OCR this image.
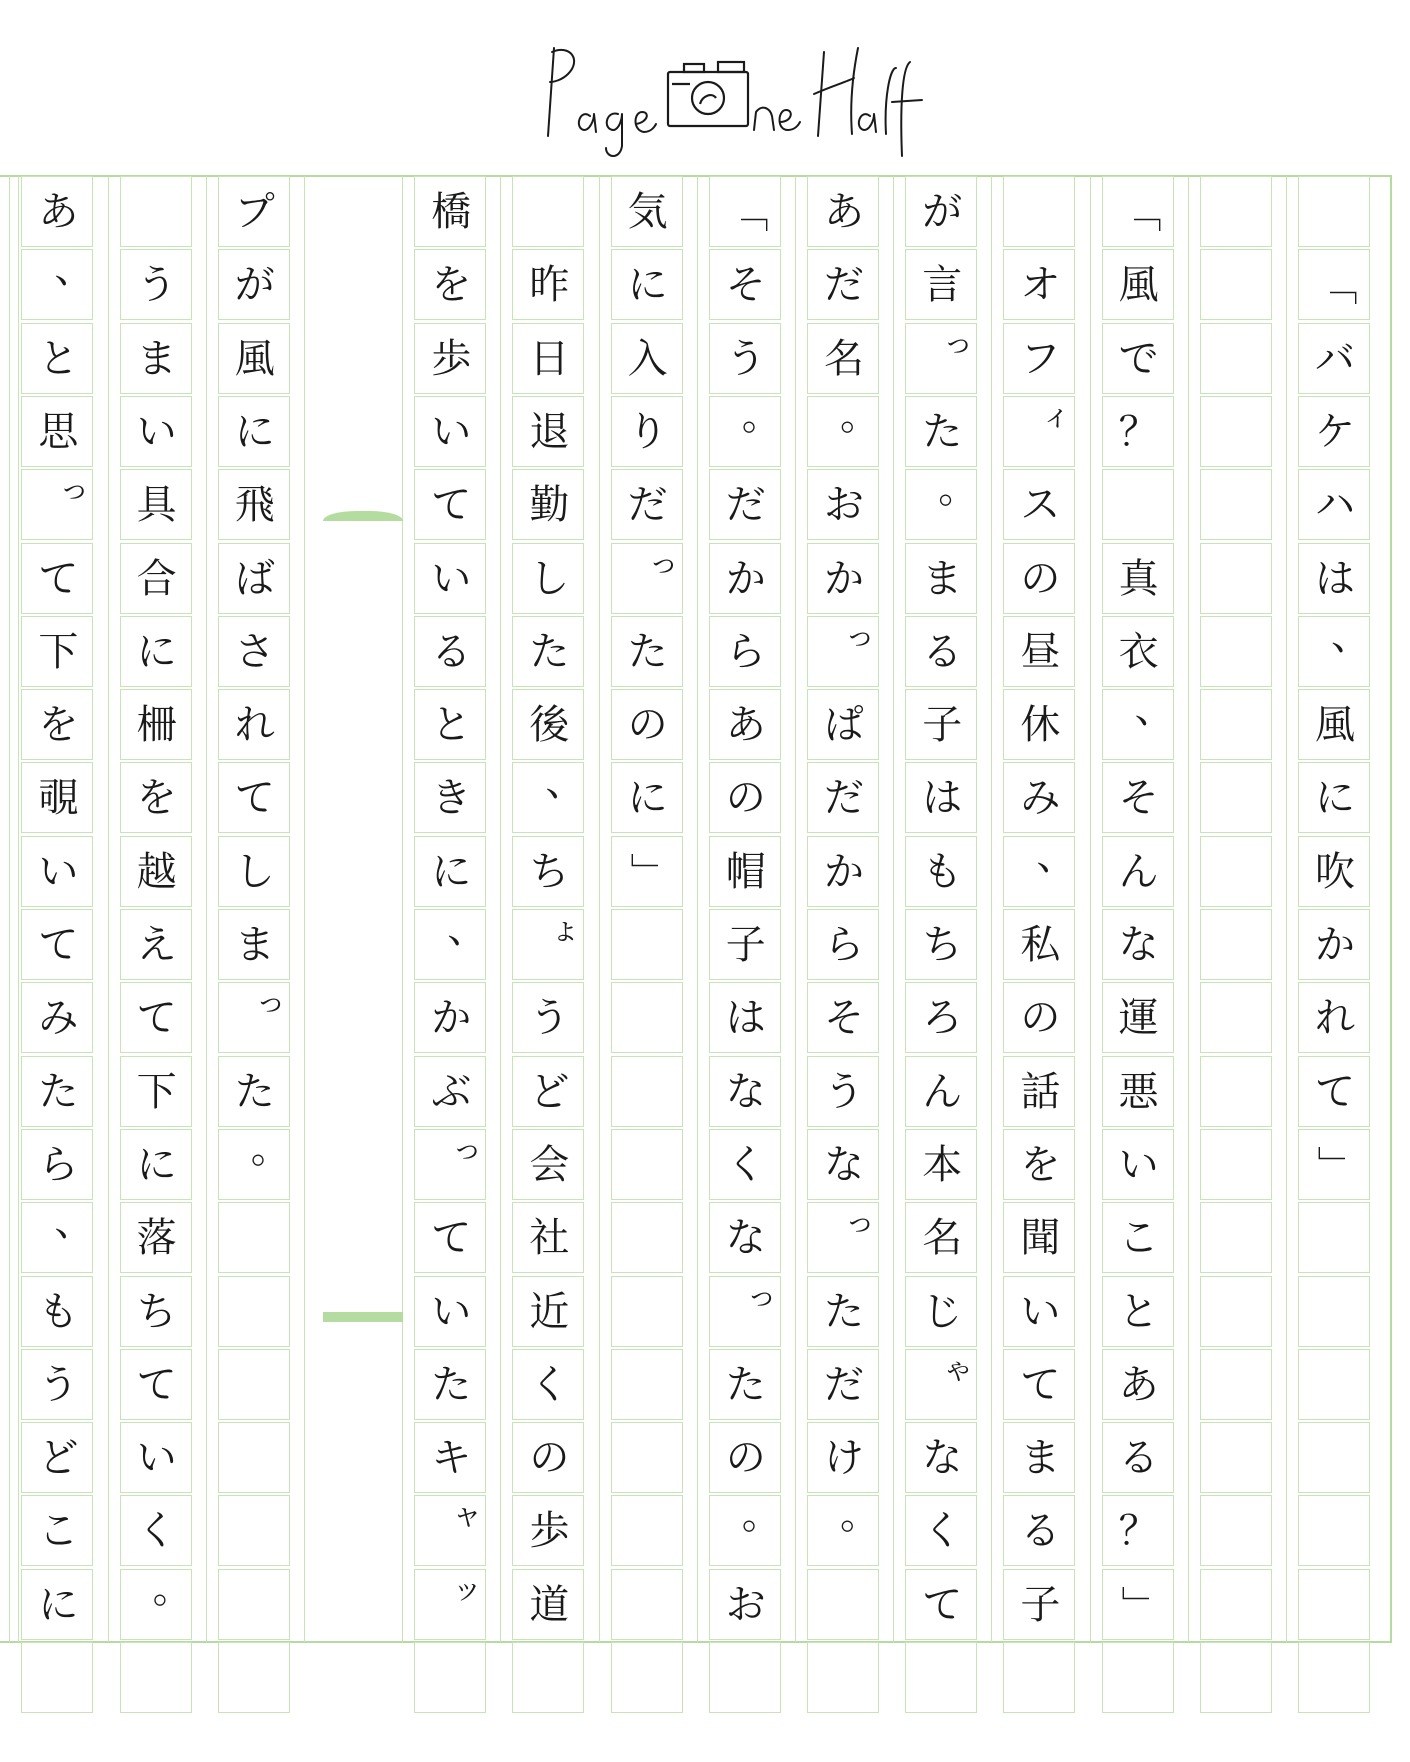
「
バ
ケ
ハ
は
、
風
に
吹
か
れ
て
」
「
風
で
？
真
衣
、
そ
ん
な
運
悪
い
こ
と
あ
る
？
」
オ
フ
ィ
ス
の
昼
休
み
、
私
の
話
を
聞
い
て
ま
る
子
が
言
っ
た
。
ま
る
子
は
も
ち
ろ
ん
本
名
じ
ゃ
な
く
て
あ
だ
名
。
お
か
っ
ぱ
だ
か
ら
そ
う
な
っ
た
だ
け
。
「
そ
う
。
だ
か
ら
あ
の
帽
子
は
な
く
な
っ
た
の
。
お
気
に
入
り
だ
っ
た
の
に
」
昨
日
退
勤
し
た
後
、
ち
ょ
う
ど
会
社
近
く
の
歩
道
橋
を
歩
い
て
い
る
と
き
に
、
か
ぶ
っ
て
い
た
キ
ャ
ッ
プ
が
風
に
飛
ば
さ
れ
て
し
ま
っ
た
。
う
ま
い
具
合
に
柵
を
越
え
て
下
に
落
ち
て
い
く
。
あ
、
と
思
っ
て
下
を
覗
い
て
み
た
ら
、
も
う
ど
こ
に
